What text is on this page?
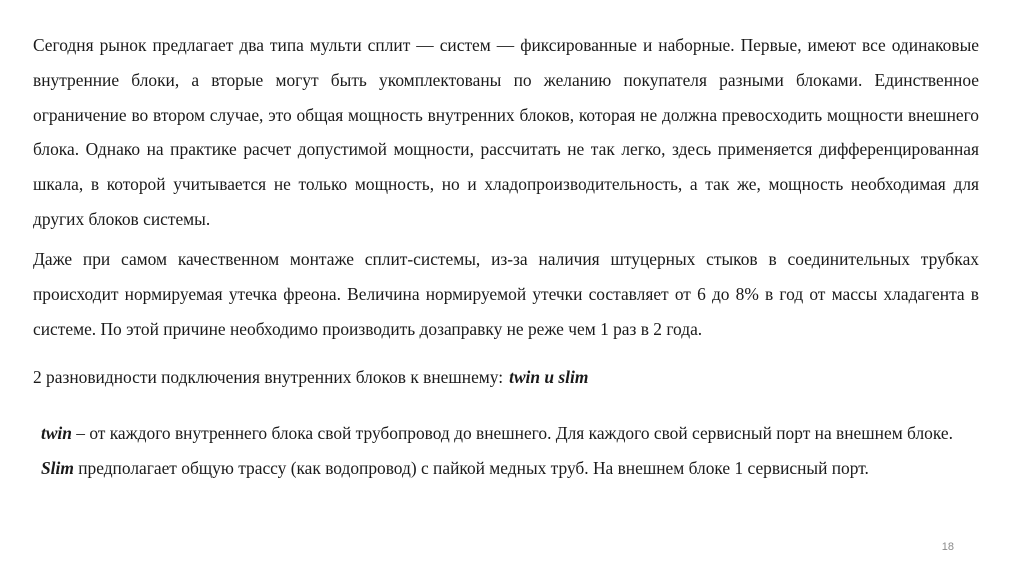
Сегодня рынок предлагает два типа мульти сплит — систем — фиксированные и наборные. Первые, имеют все одинаковые внутренние блоки, а вторые могут быть укомплектованы по желанию покупателя разными блоками. Единственное ограничение во втором случае, это общая мощность внутренних блоков, которая не должна превосходить мощности внешнего блока. Однако на практике расчет допустимой мощности, рассчитать не так легко, здесь применяется дифференцированная шкала, в которой учитывается не только мощность, но и хладопроизводительность, а так же, мощность необходимая для других блоков системы.

Даже при самом качественном монтаже сплит-системы, из-за наличия штуцерных стыков в соединительных трубках происходит нормируемая утечка фреона. Величина нормируемой утечки составляет от 6 до 8% в год от массы хладагента в системе. По этой причине необходимо производить дозаправку не реже чем 1 раз в 2 года.

2 разновидности подключения внутренних блоков к внешнему: twin и slim

twin – от каждого внутреннего блока свой трубопровод до внешнего. Для каждого свой сервисный порт на внешнем блоке.

Slim предполагает общую трассу (как водопровод) с пайкой медных труб. На внешнем блоке 1 сервисный порт.

18
